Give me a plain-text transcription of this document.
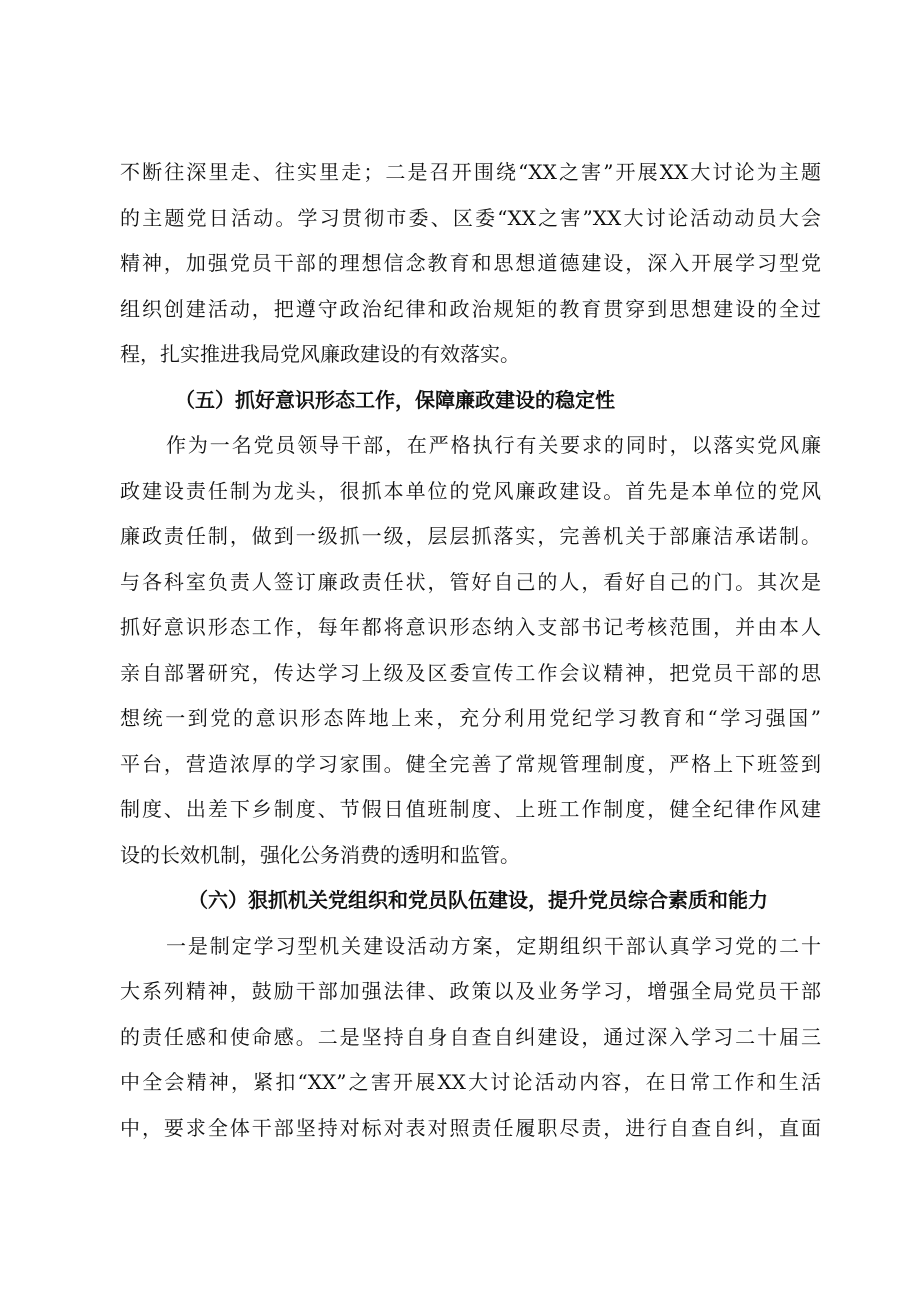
不断往深里走、往实里走；二是召开围绕“XX之害”开展XX大讨论为主题
的主题党日活动。学习贯彻市委、区委“XX之害”XX大讨论活动动员大会
精神，加强党员干部的理想信念教育和思想道德建设，深入开展学习型党
组织创建活动，把遵守政治纪律和政治规矩的教育贯穿到思想建设的全过
程，扎实推进我局党风廉政建设的有效落实。
（五）抓好意识形态工作，保障廉政建设的稳定性
作为一名党员领导干部，在严格执行有关要求的同时，以落实党风廉
政建设责任制为龙头，很抓本单位的党风廉政建设。首先是本单位的党风
廉政责任制，做到一级抓一级，层层抓落实，完善机关于部廉洁承诺制。
与各科室负责人签订廉政责任状，管好自己的人，看好自己的门。其次是
抓好意识形态工作，每年都将意识形态纳入支部书记考核范围，并由本人
亲自部署研究，传达学习上级及区委宣传工作会议精神，把党员干部的思
想统一到党的意识形态阵地上来，充分利用党纪学习教育和“学习强国”
平台，营造浓厚的学习家围。健全完善了常规管理制度，严格上下班签到
制度、出差下乡制度、节假日值班制度、上班工作制度，健全纪律作风建
设的长效机制，强化公务消费的透明和监管。
（六）狠抓机关党组织和党员队伍建设，提升党员综合素质和能力
一是制定学习型机关建设活动方案，定期组织干部认真学习党的二十
大系列精神，鼓励干部加强法律、政策以及业务学习，增强全局党员干部
的责任感和使命感。二是坚持自身自查自纠建设，通过深入学习二十届三
中全会精神，紧扣“XX”之害开展XX大讨论活动内容，在日常工作和生活
中，要求全体干部坚持对标对表对照责任履职尽责，进行自查自纠，直面
